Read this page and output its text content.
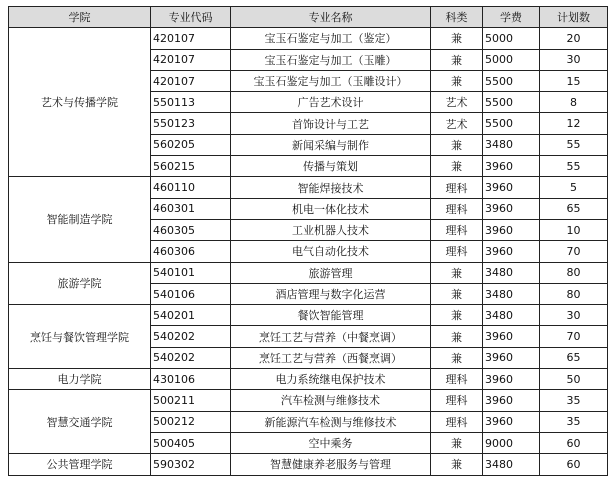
学院	专业代码	专业名称	科类	学费	计划数
艺术与传播学院	420107	宝玉石鉴定与加工（鉴定）	兼	5000	20
	420107	宝玉石鉴定与加工（玉雕）	兼	5000	30
	420107	宝玉石鉴定与加工（玉雕设计）	兼	5500	15
	550113	广告艺术设计	艺术	5500	8
	550123	首饰设计与工艺	艺术	5500	12
	560205	新闻采编与制作	兼	3480	55
	560215	传播与策划	兼	3960	55
智能制造学院	460110	智能焊接技术	理科	3960	5
	460301	机电一体化技术	理科	3960	65
	460305	工业机器人技术	理科	3960	10
	460306	电气自动化技术	理科	3960	70
旅游学院	540101	旅游管理	兼	3480	80
	540106	酒店管理与数字化运营	兼	3480	80
烹饪与餐饮管理学院	540201	餐饮智能管理	兼	3480	30
	540202	烹饪工艺与营养（中餐烹调）	兼	3960	70
	540202	烹饪工艺与营养（西餐烹调）	兼	3960	65
电力学院	430106	电力系统继电保护技术	理科	3960	50
智慧交通学院	500211	汽车检测与维修技术	理科	3960	35
	500212	新能源汽车检测与维修技术	理科	3960	35
	500405	空中乘务	兼	9000	60
公共管理学院	590302	智慧健康养老服务与管理	兼	3480	60
